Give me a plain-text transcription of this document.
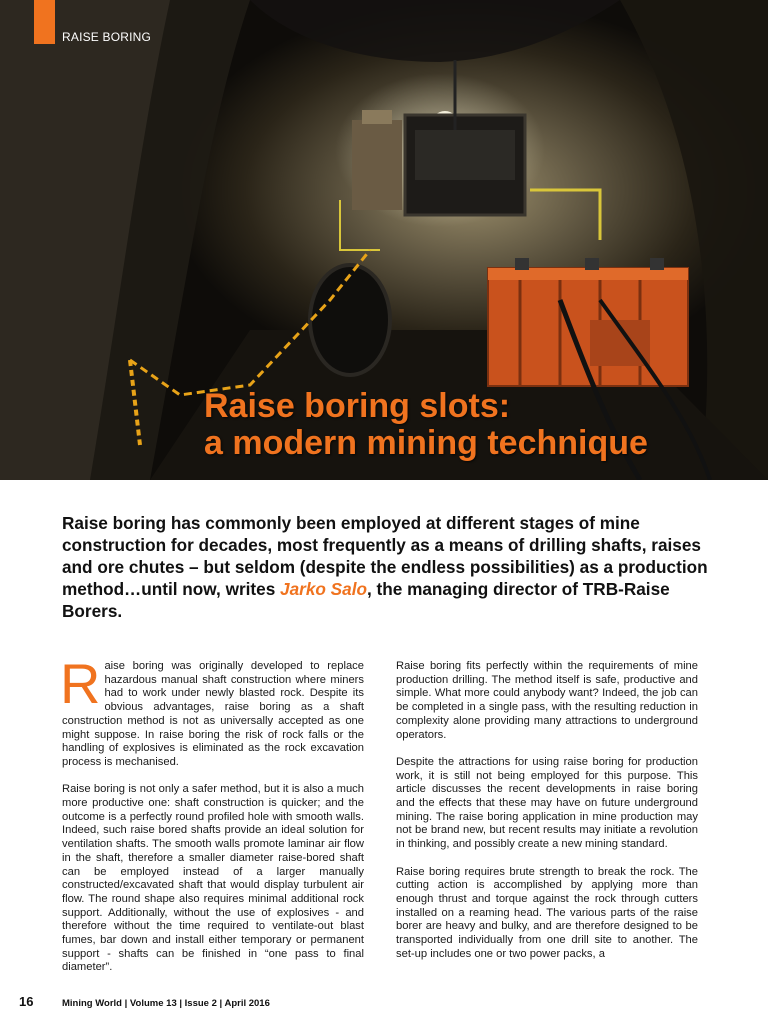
RAISE BORING
Raise boring slots:
a modern mining technique

Raise boring has commonly been employed at different stages of mine construction for decades, most frequently as a means of drilling shafts, raises and ore chutes – but seldom (despite the endless possibilities) as a production method…until now, writes Jarko Salo, the managing director of TRB-Raise Borers.

Raise boring was originally developed to replace hazardous manual shaft construction where miners had to work under newly blasted rock. Despite its obvious advantages, raise boring as a shaft construction method is not as universally accepted as one might suppose. In raise boring the risk of rock falls or the handling of explosives is eliminated as the rock excavation process is mechanised.

Raise boring is not only a safer method, but it is also a much more productive one: shaft construction is quicker; and the outcome is a perfectly round profiled hole with smooth walls. Indeed, such raise bored shafts provide an ideal solution for ventilation shafts. The smooth walls promote laminar air flow in the shaft, therefore a smaller diameter raise-bored shaft can be employed instead of a larger manually constructed/excavated shaft that would display turbulent air flow. The round shape also requires minimal additional rock support. Additionally, without the use of explosives - and therefore without the time required to ventilate-out blast fumes, bar down and install either temporary or permanent support - shafts can be finished in “one pass to final diameter”.

Raise boring fits perfectly within the requirements of mine production drilling. The method itself is safe, productive and simple. What more could anybody want? Indeed, the job can be completed in a single pass, with the resulting reduction in complexity alone providing many attractions to underground operators.

Despite the attractions for using raise boring for production work, it is still not being employed for this purpose. This article discusses the recent developments in raise boring and the effects that these may have on future underground mining. The raise boring application in mine production may not be brand new, but recent results may initiate a revolution in thinking, and possibly create a new mining standard.

Raise boring requires brute strength to break the rock. The cutting action is accomplished by applying more than enough thrust and torque against the rock through cutters installed on a reaming head. The various parts of the raise borer are heavy and bulky, and are therefore designed to be transported individually from one drill site to another. The set-up includes one or two power packs, a

16	Mining World | Volume 13 | Issue 2 | April 2016
